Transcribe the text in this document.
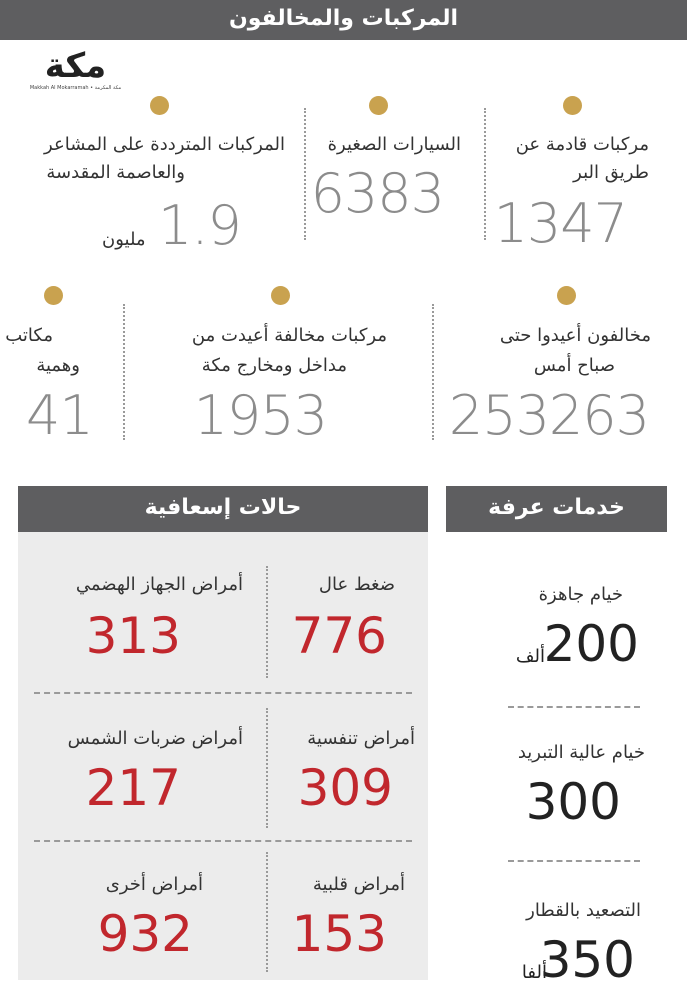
المركبات والمخالفون
مكة
Makkah Al Mokarramah • مكة المكرمة
مركبات قادمة عن
طريق البر
1347
السيارات الصغيرة
6383
المركبات المترددة على المشاعر
والعاصمة المقدسة
1.9
مليون
مخالفون أعيدوا حتى
صباح أمس
253263
مركبات مخالفة أعيدت من
مداخل ومخارج مكة
1953
مكاتب
وهمية
41
حالات إسعافية
ضغط عال
776
أمراض الجهاز الهضمي
313
أمراض تنفسية
309
أمراض ضربات الشمس
217
أمراض قلبية
153
أمراض أخرى
932
خدمات عرفة
خيام جاهزة
200
ألف
خيام عالية التبريد
300
التصعيد بالقطار
350
ألفا
